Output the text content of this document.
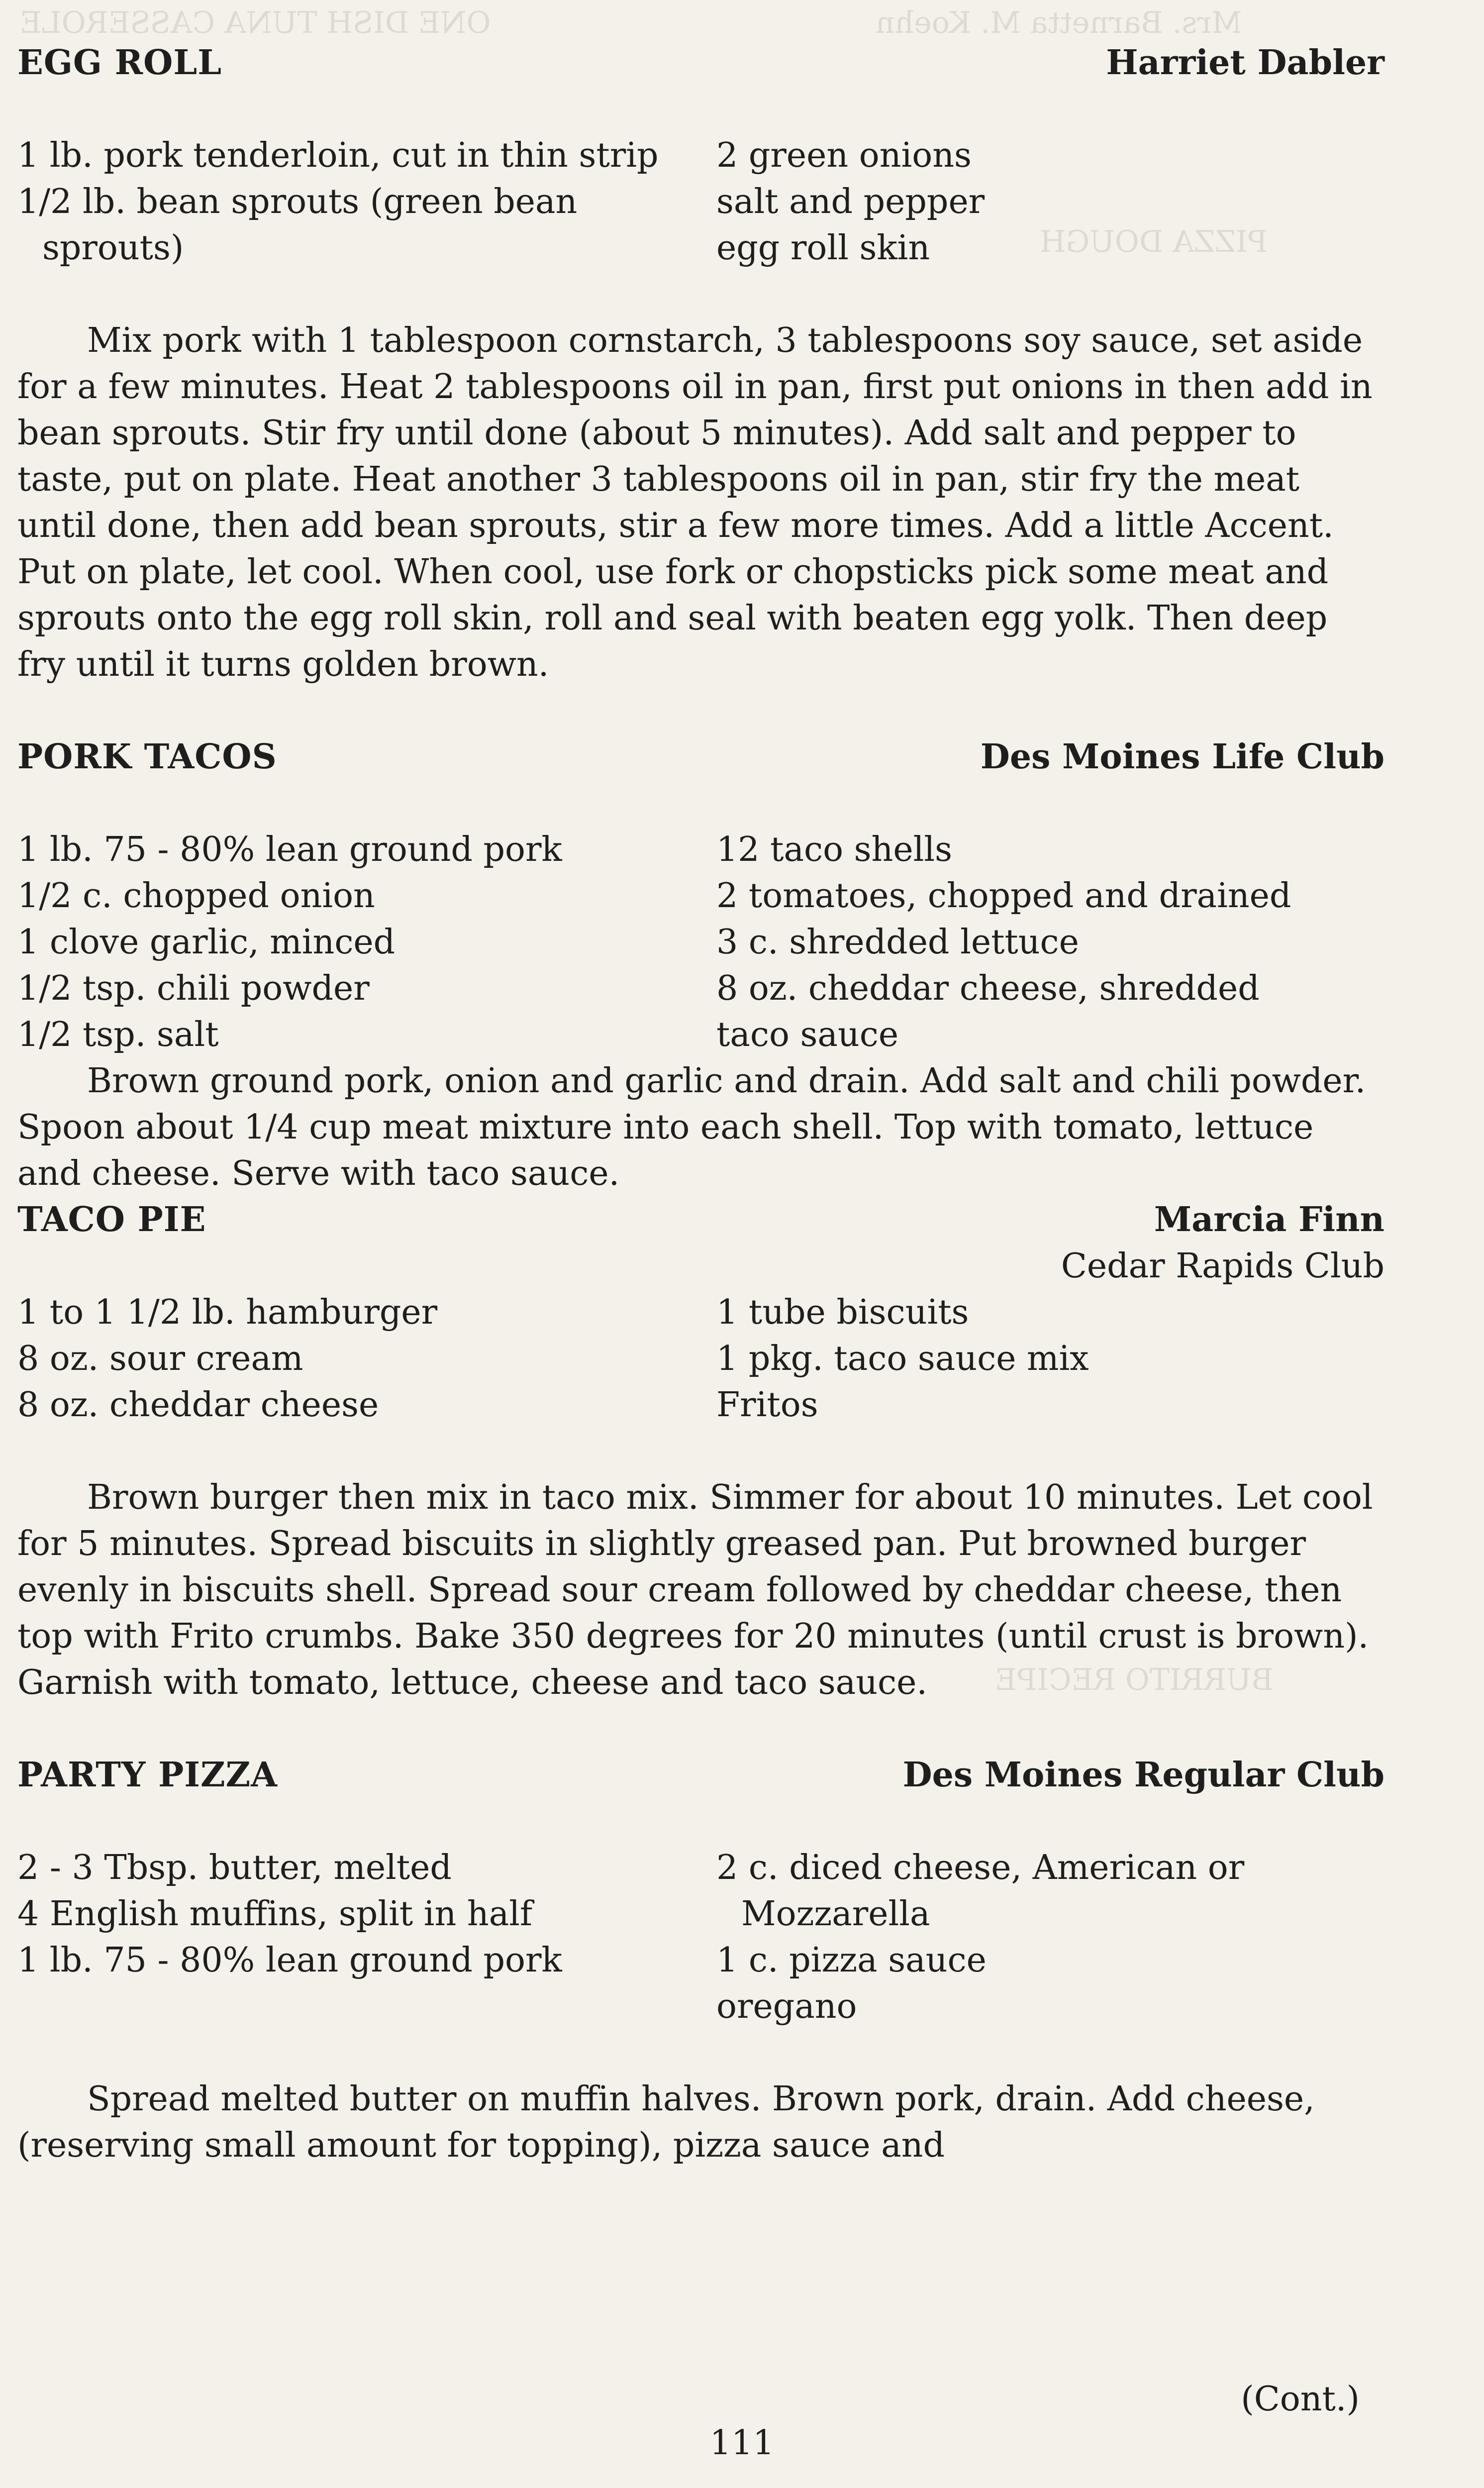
ONE DISH TUNA CASSEROLE	Mrs. Barnetta M. Koehn
PIZZA DOUGH
BURRITO RECIPE
EGG ROLL	Harriet Dabler
1 lb. pork tenderloin, cut in thin strip
1/2 lb. bean sprouts (green bean sprouts)
2 green onions
salt and pepper
egg roll skin

Mix pork with 1 tablespoon cornstarch, 3 tablespoons soy sauce, set aside for a few minutes. Heat 2 tablespoons oil in pan, first put onions in then add in bean sprouts. Stir fry until done (about 5 minutes). Add salt and pepper to taste, put on plate. Heat another 3 tablespoons oil in pan, stir fry the meat until done, then add bean sprouts, stir a few more times. Add a little Accent. Put on plate, let cool. When cool, use fork or chopsticks pick some meat and sprouts onto the egg roll skin, roll and seal with beaten egg yolk. Then deep fry until it turns golden brown.

PORK TACOS	Des Moines Life Club
1 lb. 75 - 80% lean ground pork
1/2 c. chopped onion
1 clove garlic, minced
1/2 tsp. chili powder
1/2 tsp. salt
12 taco shells
2 tomatoes, chopped and drained
3 c. shredded lettuce
8 oz. cheddar cheese, shredded
taco sauce

Brown ground pork, onion and garlic and drain. Add salt and chili powder. Spoon about 1/4 cup meat mixture into each shell. Top with tomato, lettuce and cheese. Serve with taco sauce.

TACO PIE	Marcia Finn
Cedar Rapids Club
1 to 1 1/2 lb. hamburger
8 oz. sour cream
8 oz. cheddar cheese
1 tube biscuits
1 pkg. taco sauce mix
Fritos

Brown burger then mix in taco mix. Simmer for about 10 minutes. Let cool for 5 minutes. Spread biscuits in slightly greased pan. Put browned burger evenly in biscuits shell. Spread sour cream followed by cheddar cheese, then top with Frito crumbs. Bake 350 degrees for 20 minutes (until crust is brown). Garnish with tomato, lettuce, cheese and taco sauce.

PARTY PIZZA	Des Moines Regular Club
2 - 3 Tbsp. butter, melted
4 English muffins, split in half
1 lb. 75 - 80% lean ground pork
2 c. diced cheese, American or Mozzarella
1 c. pizza sauce
oregano

Spread melted butter on muffin halves. Brown pork, drain. Add cheese, (reserving small amount for topping), pizza sauce and

(Cont.)
111
